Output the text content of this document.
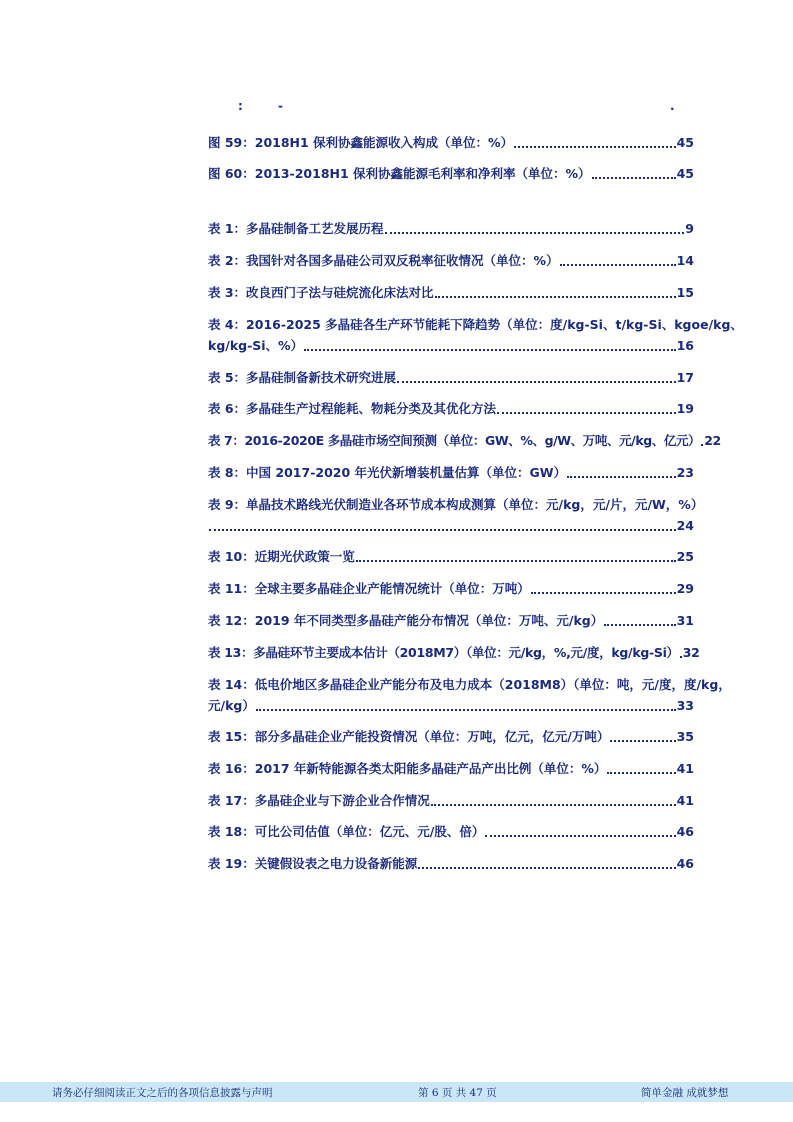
:	-	.
图 59：2018H1 保利协鑫能源收入构成（单位：%）	45
图 60：2013-2018H1 保利协鑫能源毛利率和净利率（单位：%）	45
表 1：多晶硅制备工艺发展历程	9
表 2：我国针对各国多晶硅公司双反税率征收情况（单位：%）	14
表 3：改良西门子法与硅烷流化床法对比	15
表 4：2016-2025 多晶硅各生产环节能耗下降趋势（单位：度/kg-Si、t/kg-Si、kgoe/kg、
kg/kg-Si、%）	16
表 5：多晶硅制备新技术研究进展	17
表 6：多晶硅生产过程能耗、物耗分类及其优化方法	19
表 7：2016-2020E 多晶硅市场空间预测（单位：GW、%、g/W、万吨、元/kg、亿元） 22
表 8：中国 2017-2020 年光伏新增装机量估算（单位：GW）	23
表 9：单晶技术路线光伏制造业各环节成本构成测算（单位：元/kg，元/片，元/W，%）
24
表 10：近期光伏政策一览	25
表 11：全球主要多晶硅企业产能情况统计（单位：万吨）	29
表 12：2019 年不同类型多晶硅产能分布情况（单位：万吨、元/kg）	31
表 13：多晶硅环节主要成本估计（2018M7）（单位：元/kg，%,元/度，kg/kg-Si） 32
表 14：低电价地区多晶硅企业产能分布及电力成本（2018M8）（单位：吨，元/度，度/kg，
元/kg）	33
表 15：部分多晶硅企业产能投资情况（单位：万吨，亿元，亿元/万吨）	35
表 16：2017 年新特能源各类太阳能多晶硅产品产出比例（单位：%）	41
表 17：多晶硅企业与下游企业合作情况	41
表 18：可比公司估值（单位：亿元、元/股、倍）	46
表 19：关键假设表之电力设备新能源	46
请务必仔细阅读正文之后的各项信息披露与声明	第 6 页 共 47 页	简单金融 成就梦想
